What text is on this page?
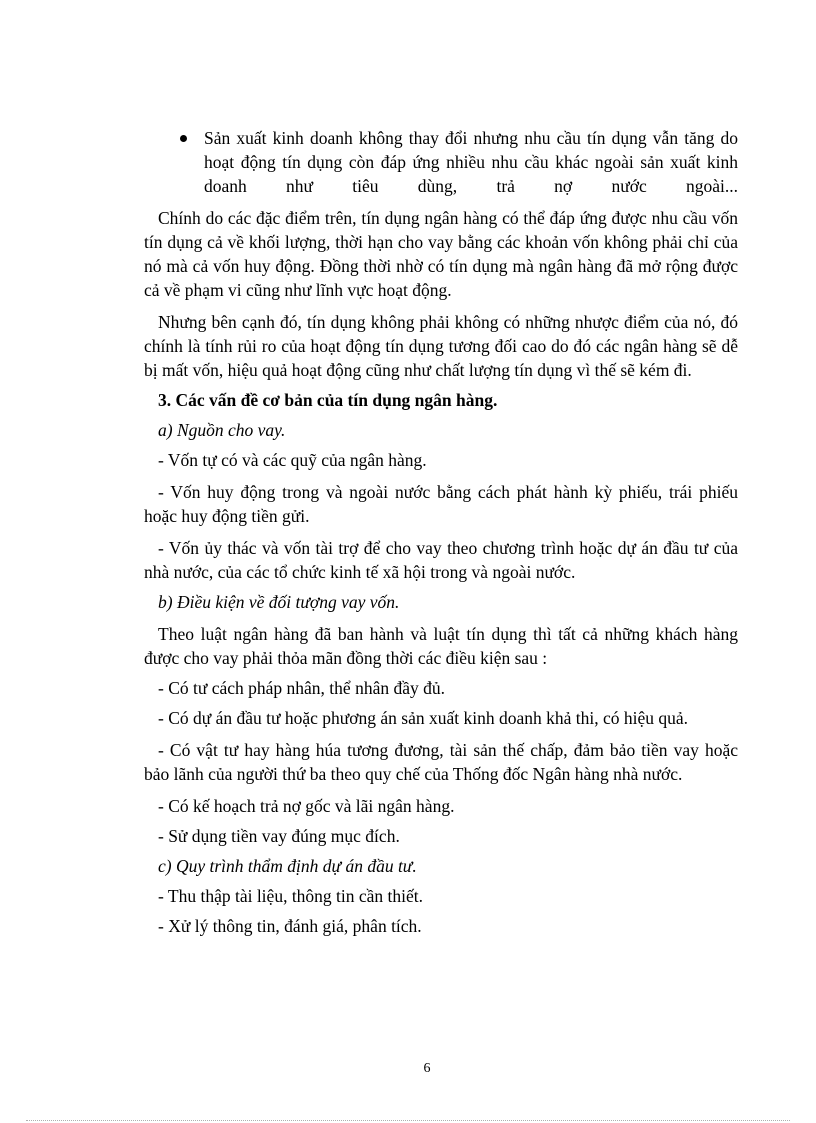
Sản xuất kinh doanh không thay đổi nhưng nhu cầu tín dụng vẫn tăng do hoạt động tín dụng còn đáp ứng nhiều nhu cầu khác ngoài sản xuất kinh doanh như tiêu dùng, trả nợ nước ngoài...

Chính do các đặc điểm trên, tín dụng ngân hàng có thể đáp ứng được nhu cầu vốn tín dụng cả về khối lượng, thời hạn cho vay bằng các khoản vốn không phải chỉ của nó mà cả vốn huy động. Đồng thời nhờ có tín dụng mà ngân hàng đã mở rộng được cả về phạm vi cũng như lĩnh vực hoạt động.

Nhưng bên cạnh đó, tín dụng không phải không có những nhược điểm của nó, đó chính là tính rủi ro của hoạt động tín dụng tương đối cao do đó các ngân hàng sẽ dễ bị mất vốn, hiệu quả hoạt động cũng như chất lượng tín dụng vì thế sẽ kém đi.

3. Các vấn đề cơ bản của tín dụng ngân hàng.

a) Nguồn cho vay.

- Vốn tự có và các quỹ của ngân hàng.

- Vốn huy động trong và ngoài nước bằng cách phát hành kỳ phiếu, trái phiếu hoặc huy động tiền gửi.

- Vốn ủy thác và vốn tài trợ để cho vay theo chương trình hoặc dự án đầu tư của nhà nước, của các tổ chức kinh tế xã hội trong và ngoài nước.

b) Điều kiện về đối tượng vay vốn.

Theo luật ngân hàng đã ban hành và luật tín dụng thì tất cả những khách hàng được cho vay phải thỏa mãn đồng thời các điều kiện sau :

- Có tư cách pháp nhân, thể nhân đầy đủ.

- Có dự án đầu tư hoặc phương án sản xuất kinh doanh khả thi, có hiệu quả.

- Có vật tư hay hàng húa tương đương, tài sản thế chấp, đảm bảo tiền vay hoặc bảo lãnh của người thứ ba theo quy chế của Thống đốc Ngân hàng nhà nước.

- Có kế hoạch trả nợ gốc và lãi ngân hàng.

- Sử dụng tiền vay đúng mục đích.

c) Quy trình thẩm định dự án đầu tư.

- Thu thập tài liệu, thông tin cần thiết.

- Xử lý thông tin, đánh giá, phân tích.

6
